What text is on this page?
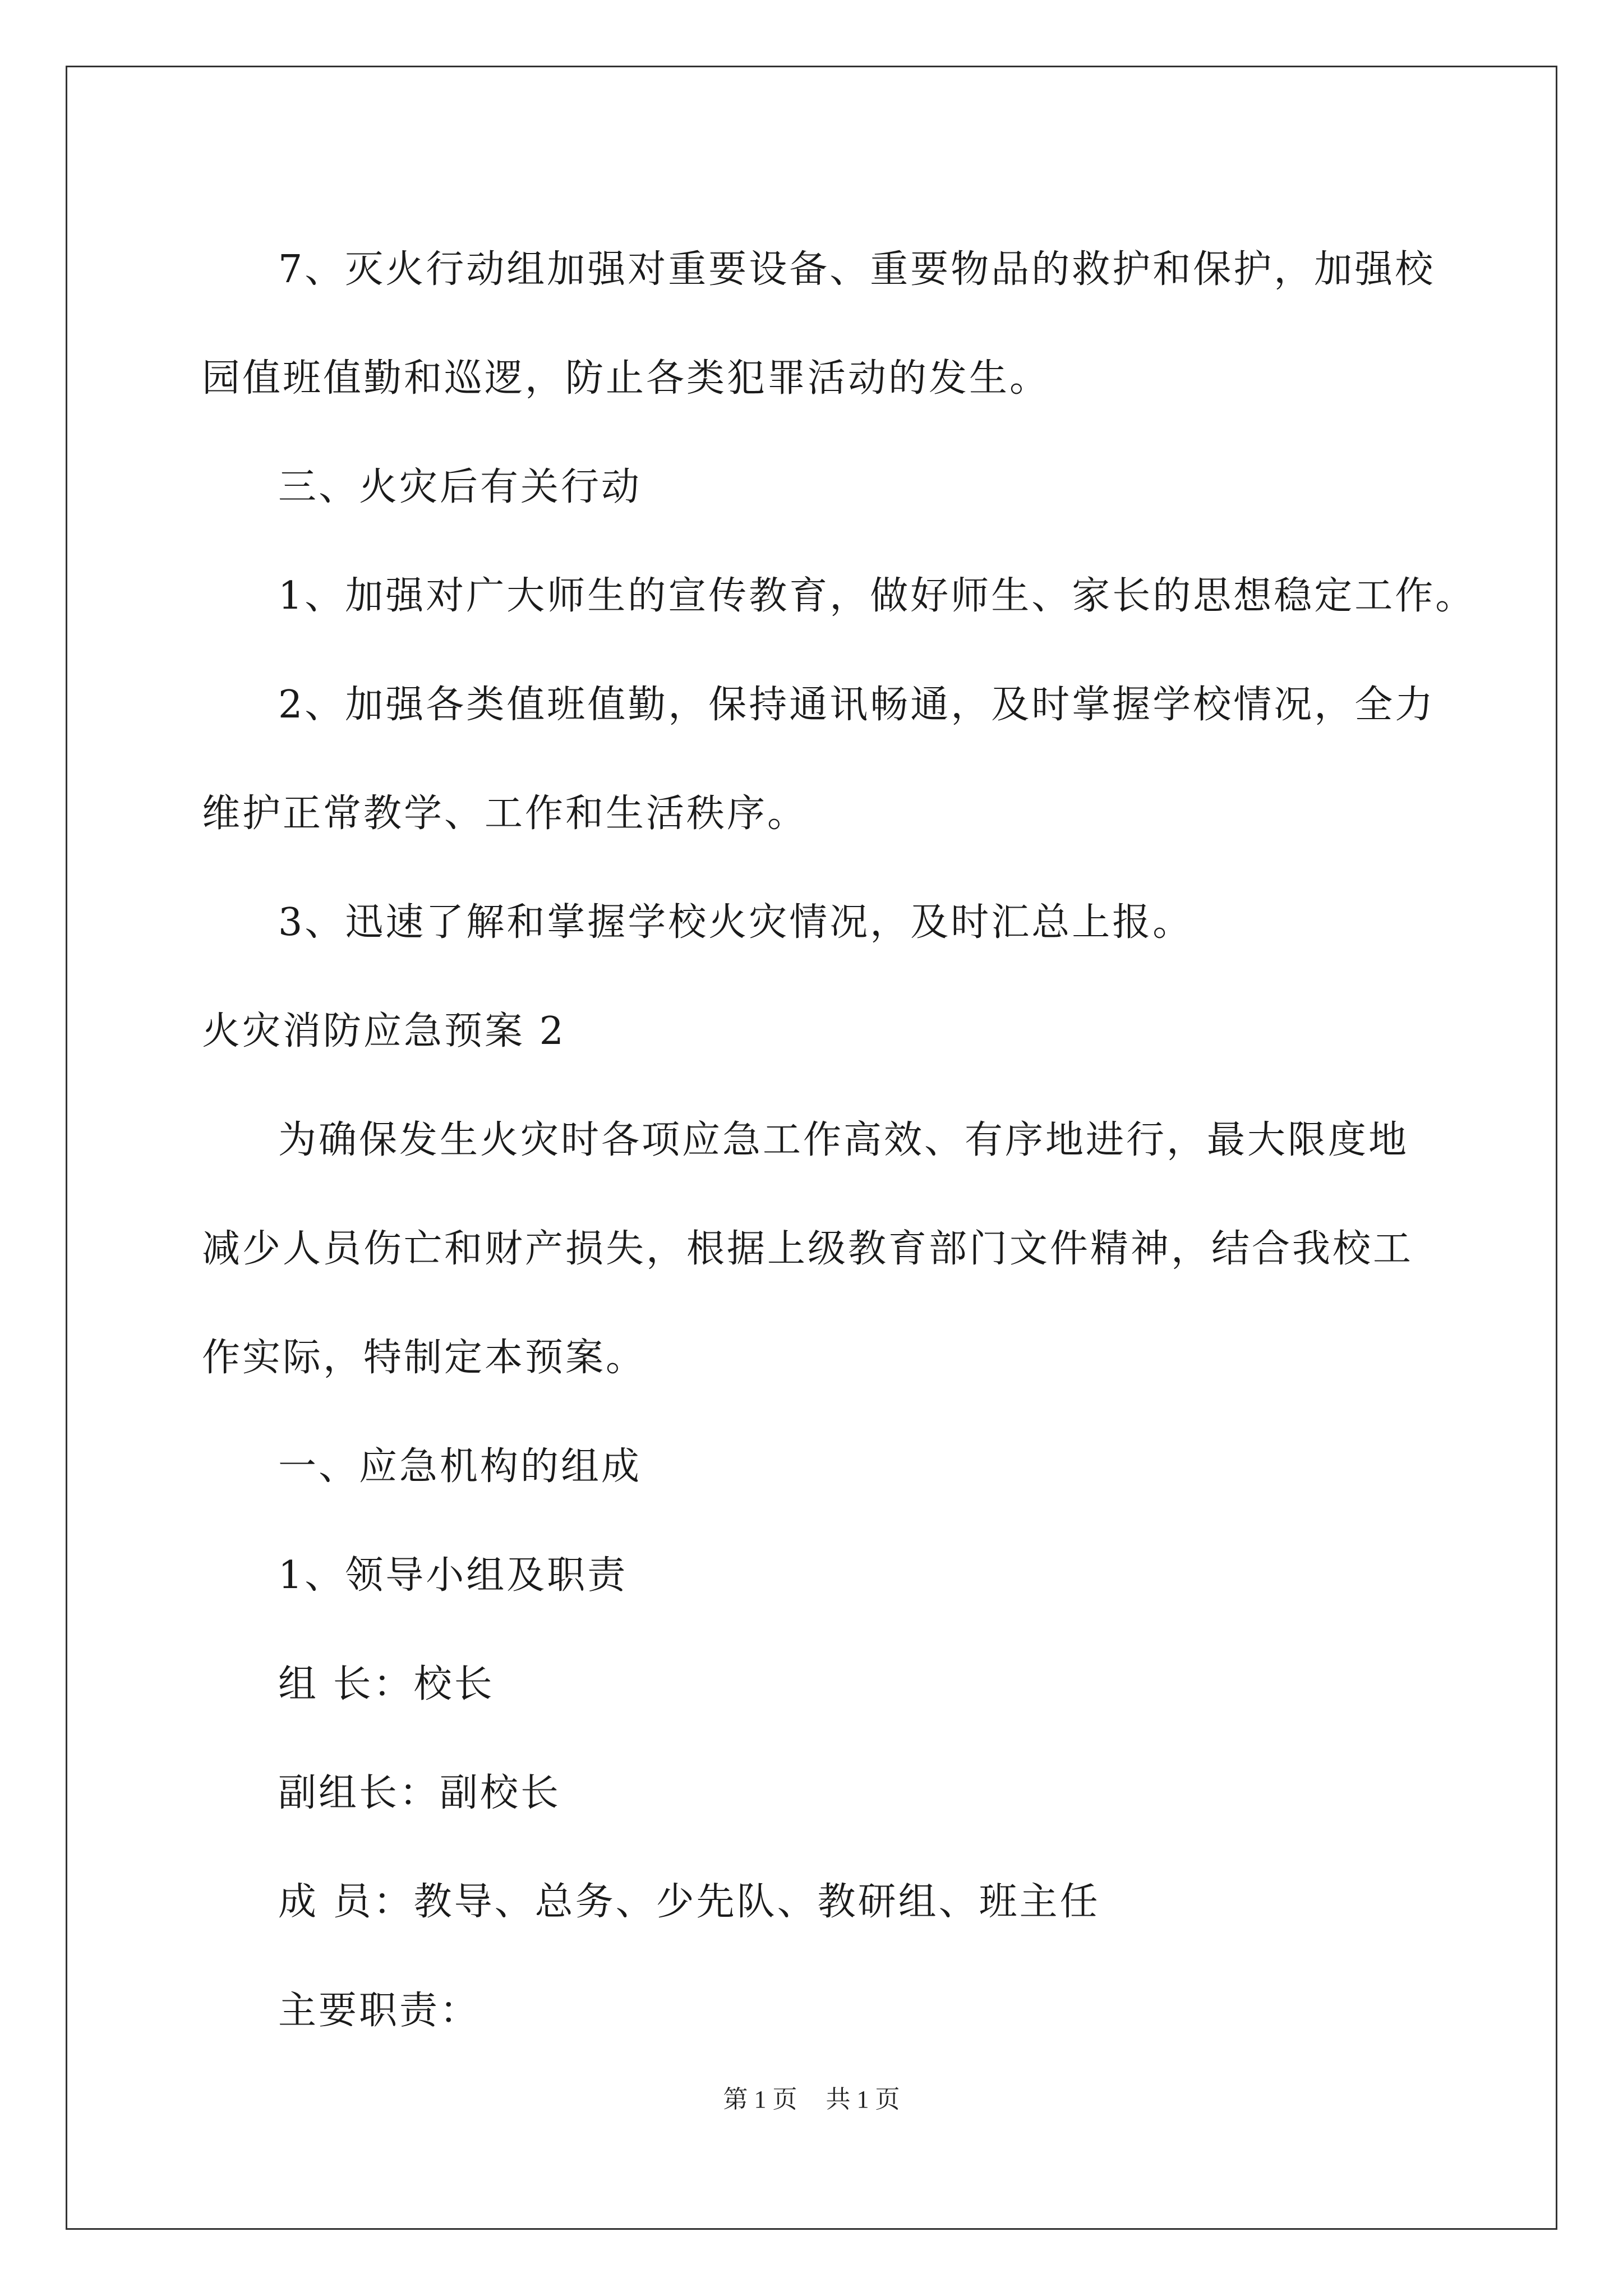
7、灭火行动组加强对重要设备、重要物品的救护和保护，加强校
园值班值勤和巡逻，防止各类犯罪活动的发生。
三、火灾后有关行动
1、加强对广大师生的宣传教育，做好师生、家长的思想稳定工作。
2、加强各类值班值勤，保持通讯畅通，及时掌握学校情况，全力
维护正常教学、工作和生活秩序。
3、迅速了解和掌握学校火灾情况，及时汇总上报。
火灾消防应急预案 2
为确保发生火灾时各项应急工作高效、有序地进行，最大限度地
减少人员伤亡和财产损失，根据上级教育部门文件精神，结合我校工
作实际，特制定本预案。
一、应急机构的组成
1、领导小组及职责
组 长：校长
副组长：副校长
成 员：教导、总务、少先队、教研组、班主任
主要职责：
第 1 页 共 1 页
